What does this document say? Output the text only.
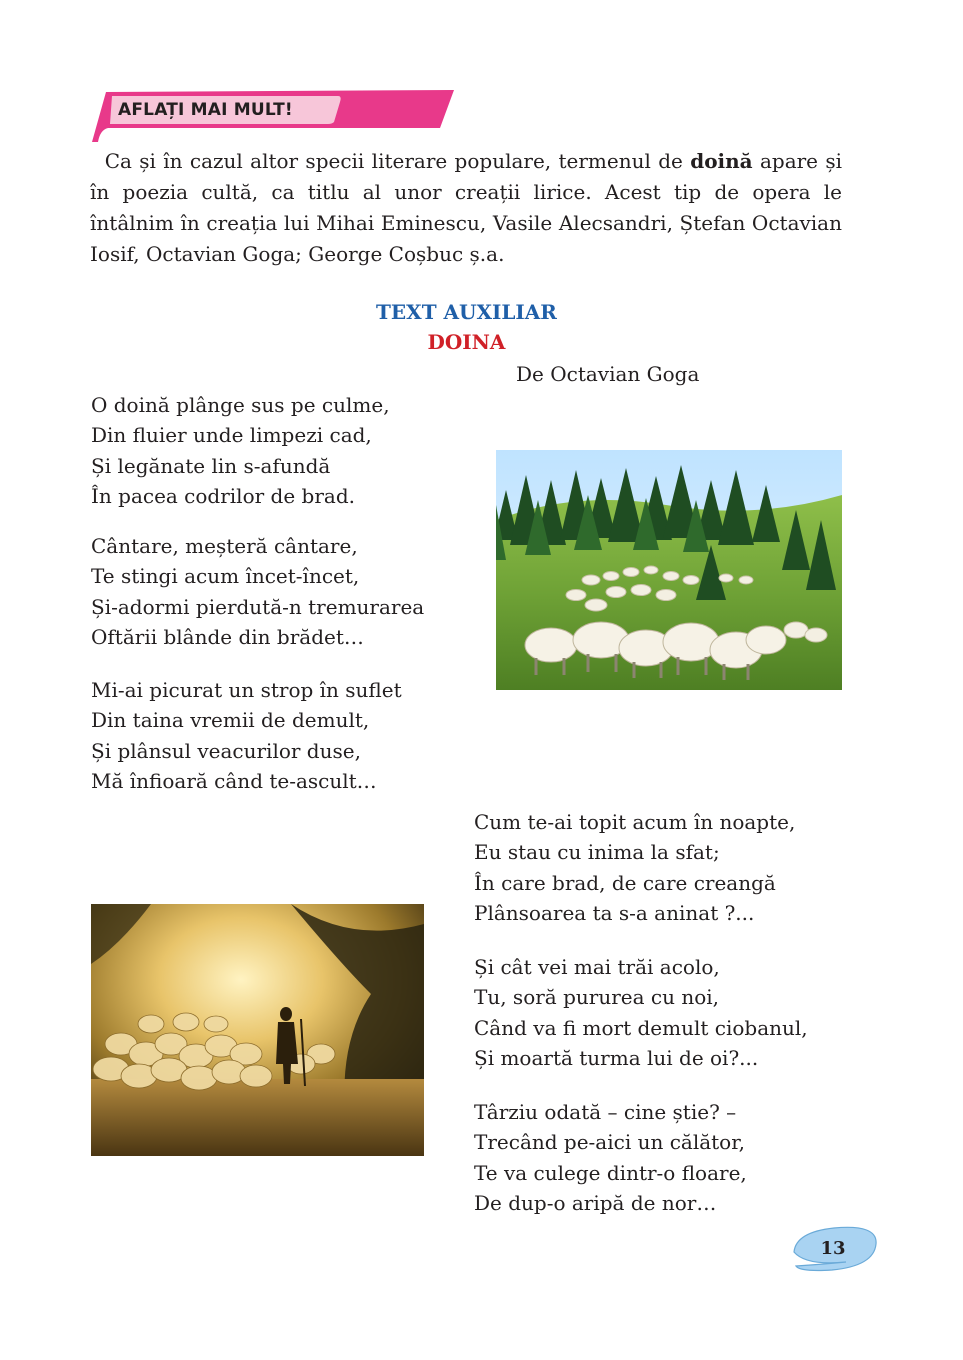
AFLAȚI MAI MULT!

Ca și în cazul altor specii literare populare, termenul de doină apare și în poezia cultă, ca titlu al unor creații lirice. Acest tip de opera le întâlnim în creația lui Mihai Eminescu, Vasile Alecsandri, Ștefan Octavian Iosif, Octavian Goga; George Coșbuc ș.a.

TEXT AUXILIAR
DOINA
De Octavian Goga
O doină plânge sus pe culme,
Din fluier unde limpezi cad,
Și legănate lin s-afundă
În pacea codrilor de brad.
Cântare, meșteră cântare,
Te stingi acum încet-încet,
Și-adormi pierdută-n tremurarea
Oftării blânde din brădet…
Mi-ai picurat un strop în suflet
Din taina vremii de demult,
Și plânsul veacurilor duse,
Mă înfioară când te-ascult…
Cum te-ai topit acum în noapte,
Eu stau cu inima la sfat;
În care brad, de care creangă
Plânsoarea ta s-a aninat ?...
Și cât vei mai trăi acolo,
Tu, soră pururea cu noi,
Când va fi mort demult ciobanul,
Și moartă turma lui de oi?...
Târziu odată – cine știe? –
Trecând pe-aici un călător,
Te va culege dintr-o floare,
De dup-o aripă de nor…
13
